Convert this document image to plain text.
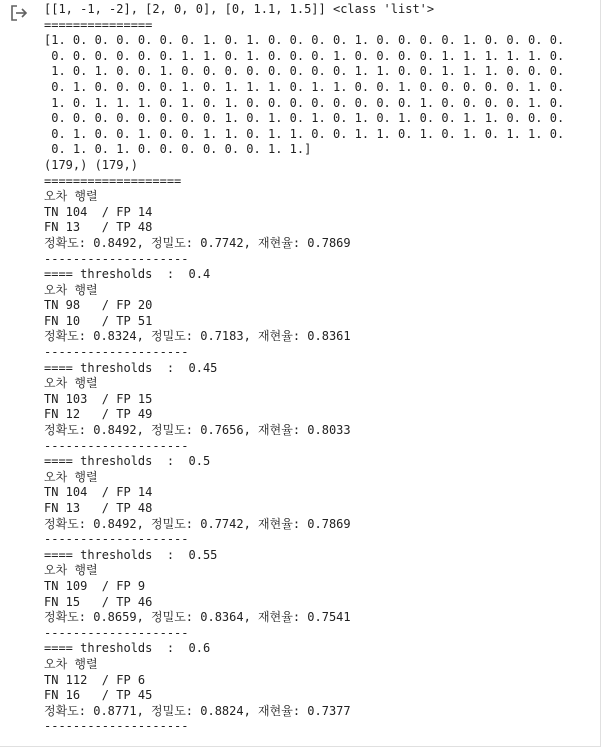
[[1, -1, -2], [2, 0, 0], [0, 1.1, 1.5]] <class 'list'>
===============
[1. 0. 0. 0. 0. 0. 0. 1. 0. 1. 0. 0. 0. 0. 1. 0. 0. 0. 0. 1. 0. 0. 0. 0.
0. 0. 0. 0. 0. 0. 1. 1. 0. 1. 0. 0. 0. 1. 0. 0. 0. 0. 1. 1. 1. 1. 1. 0.
1. 0. 1. 0. 0. 1. 0. 0. 0. 0. 0. 0. 0. 0. 1. 1. 0. 0. 1. 1. 1. 0. 0. 0.
0. 1. 0. 0. 0. 0. 1. 0. 1. 1. 1. 0. 1. 1. 0. 0. 1. 0. 0. 0. 0. 0. 1. 0.
1. 0. 1. 1. 1. 0. 1. 0. 1. 0. 0. 0. 0. 0. 0. 0. 0. 1. 0. 0. 0. 0. 1. 0.
0. 0. 0. 0. 0. 0. 0. 0. 1. 0. 1. 0. 1. 0. 1. 0. 1. 0. 0. 1. 1. 0. 0. 0.
0. 1. 0. 0. 1. 0. 0. 1. 1. 0. 1. 1. 0. 0. 1. 1. 0. 1. 0. 1. 0. 1. 1. 0.
0. 1. 0. 1. 0. 0. 0. 0. 0. 0. 1. 1.]
(179,) (179,)
===================
오차 행렬
TN 104  / FP 14
FN 13   / TP 48
정확도: 0.8492, 정밀도: 0.7742, 재현율: 0.7869
--------------------
==== thresholds  :  0.4
오차 행렬
TN 98   / FP 20
FN 10   / TP 51
정확도: 0.8324, 정밀도: 0.7183, 재현율: 0.8361
--------------------
==== thresholds  :  0.45
오차 행렬
TN 103  / FP 15
FN 12   / TP 49
정확도: 0.8492, 정밀도: 0.7656, 재현율: 0.8033
--------------------
==== thresholds  :  0.5
오차 행렬
TN 104  / FP 14
FN 13   / TP 48
정확도: 0.8492, 정밀도: 0.7742, 재현율: 0.7869
--------------------
==== thresholds  :  0.55
오차 행렬
TN 109  / FP 9
FN 15   / TP 46
정확도: 0.8659, 정밀도: 0.8364, 재현율: 0.7541
--------------------
==== thresholds  :  0.6
오차 행렬
TN 112  / FP 6
FN 16   / TP 45
정확도: 0.8771, 정밀도: 0.8824, 재현율: 0.7377
--------------------
